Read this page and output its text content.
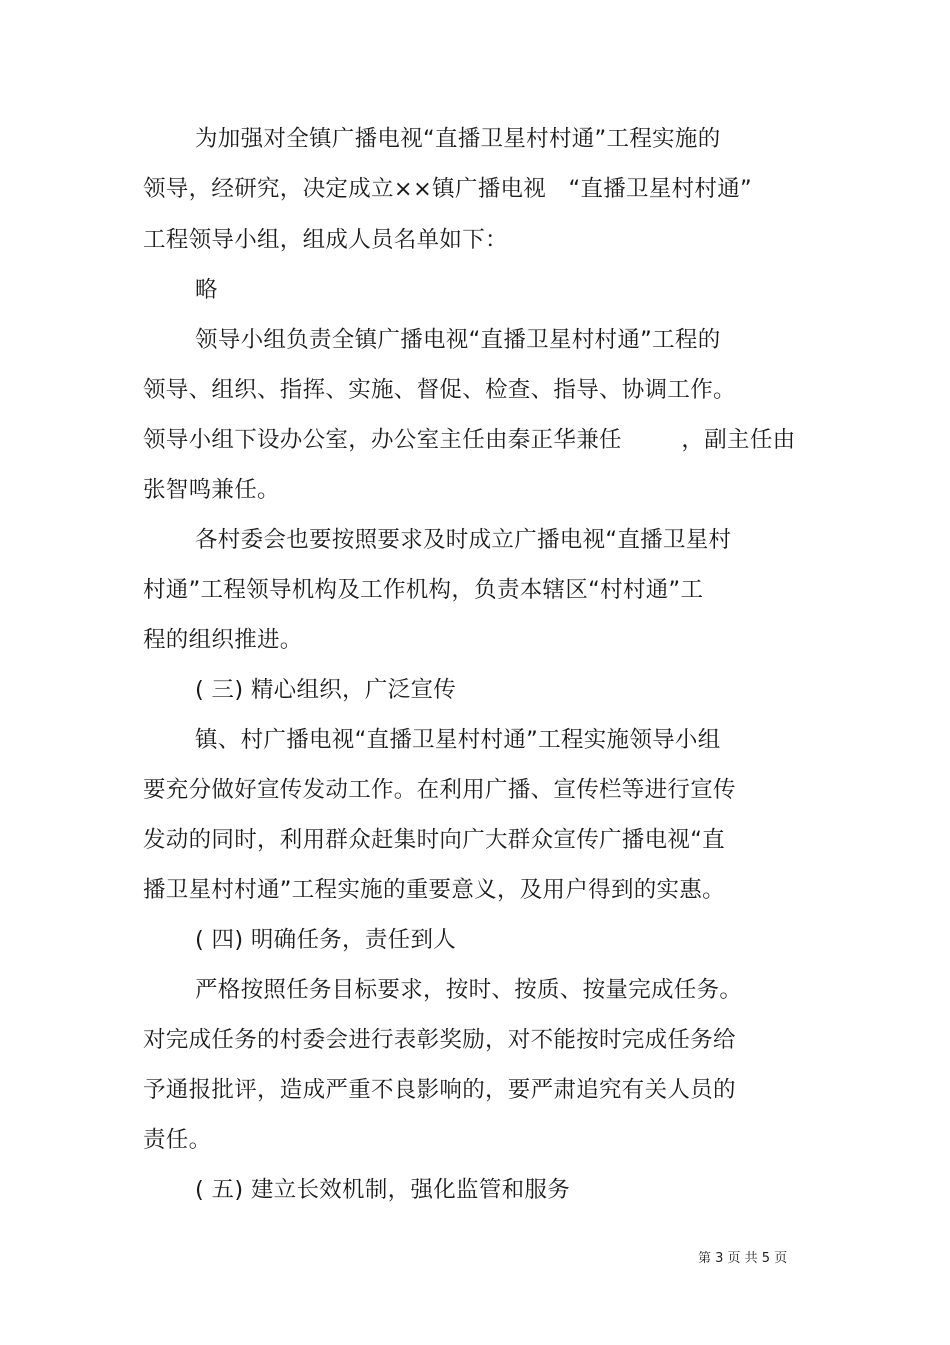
为加强对全镇广播电视“直播卫星村村通”工程实施的
领导，经研究，决定成立××镇广播电视   “直播卫星村村通”
工程领导小组，组成人员名单如下：
略
领导小组负责全镇广播电视“直播卫星村村通”工程的
领导、组织、指挥、实施、督促、检查、指导、协调工作。
领导小组下设办公室，办公室主任由秦正华兼任        ，副主任由
张智鸣兼任。
各村委会也要按照要求及时成立广播电视“直播卫星村
村通”工程领导机构及工作机构，负责本辖区“村村通”工
程的组织推进。
( 三) 精心组织，广泛宣传
镇、村广播电视“直播卫星村村通”工程实施领导小组
要充分做好宣传发动工作。在利用广播、宣传栏等进行宣传
发动的同时，利用群众赶集时向广大群众宣传广播电视“直
播卫星村村通”工程实施的重要意义，及用户得到的实惠。
( 四) 明确任务，责任到人
严格按照任务目标要求，按时、按质、按量完成任务。
对完成任务的村委会进行表彰奖励，对不能按时完成任务给
予通报批评，造成严重不良影响的，要严肃追究有关人员的
责任。
( 五) 建立长效机制，强化监管和服务
第 3 页 共 5 页
